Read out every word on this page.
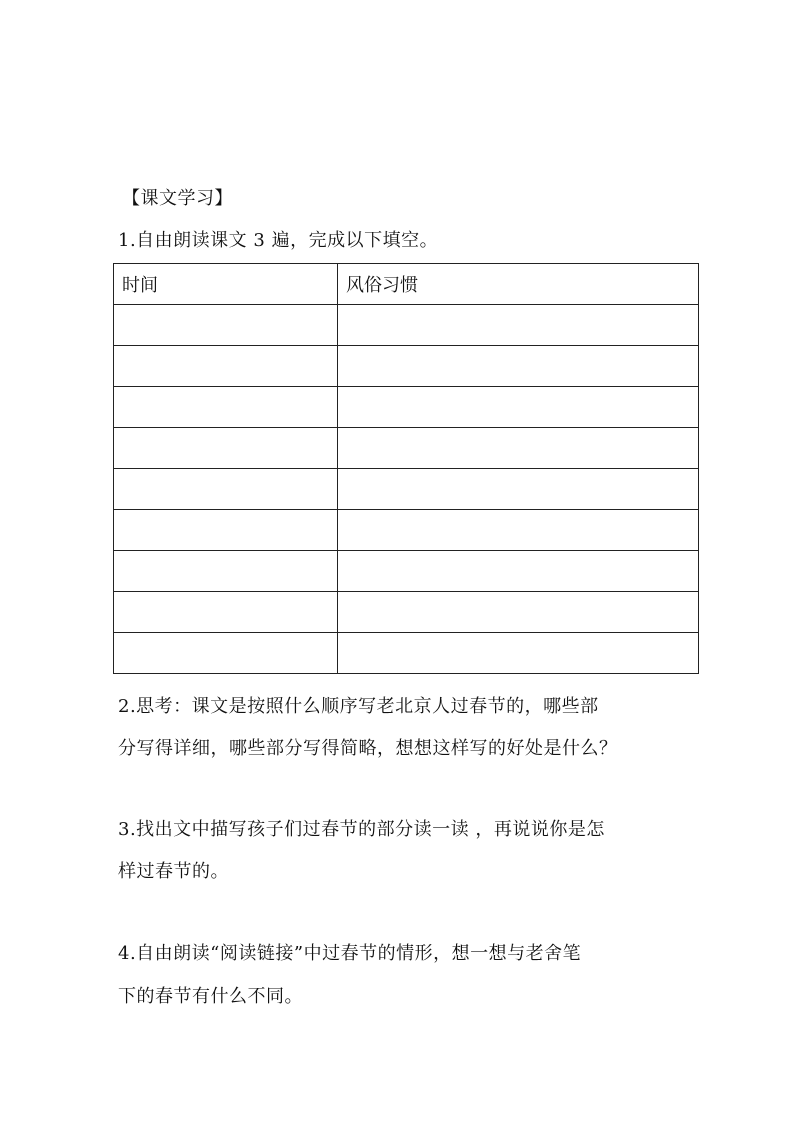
【课文学习】
1.自由朗读课文 3 遍，完成以下填空。
时间	风俗习惯

2.思考：课文是按照什么顺序写老北京人过春节的，哪些部
分写得详细，哪些部分写得简略，想想这样写的好处是什么？
3.找出文中描写孩子们过春节的部分读一读 ，再说说你是怎
样过春节的。
4.自由朗读“阅读链接”中过春节的情形，想一想与老舍笔
下的春节有什么不同。
